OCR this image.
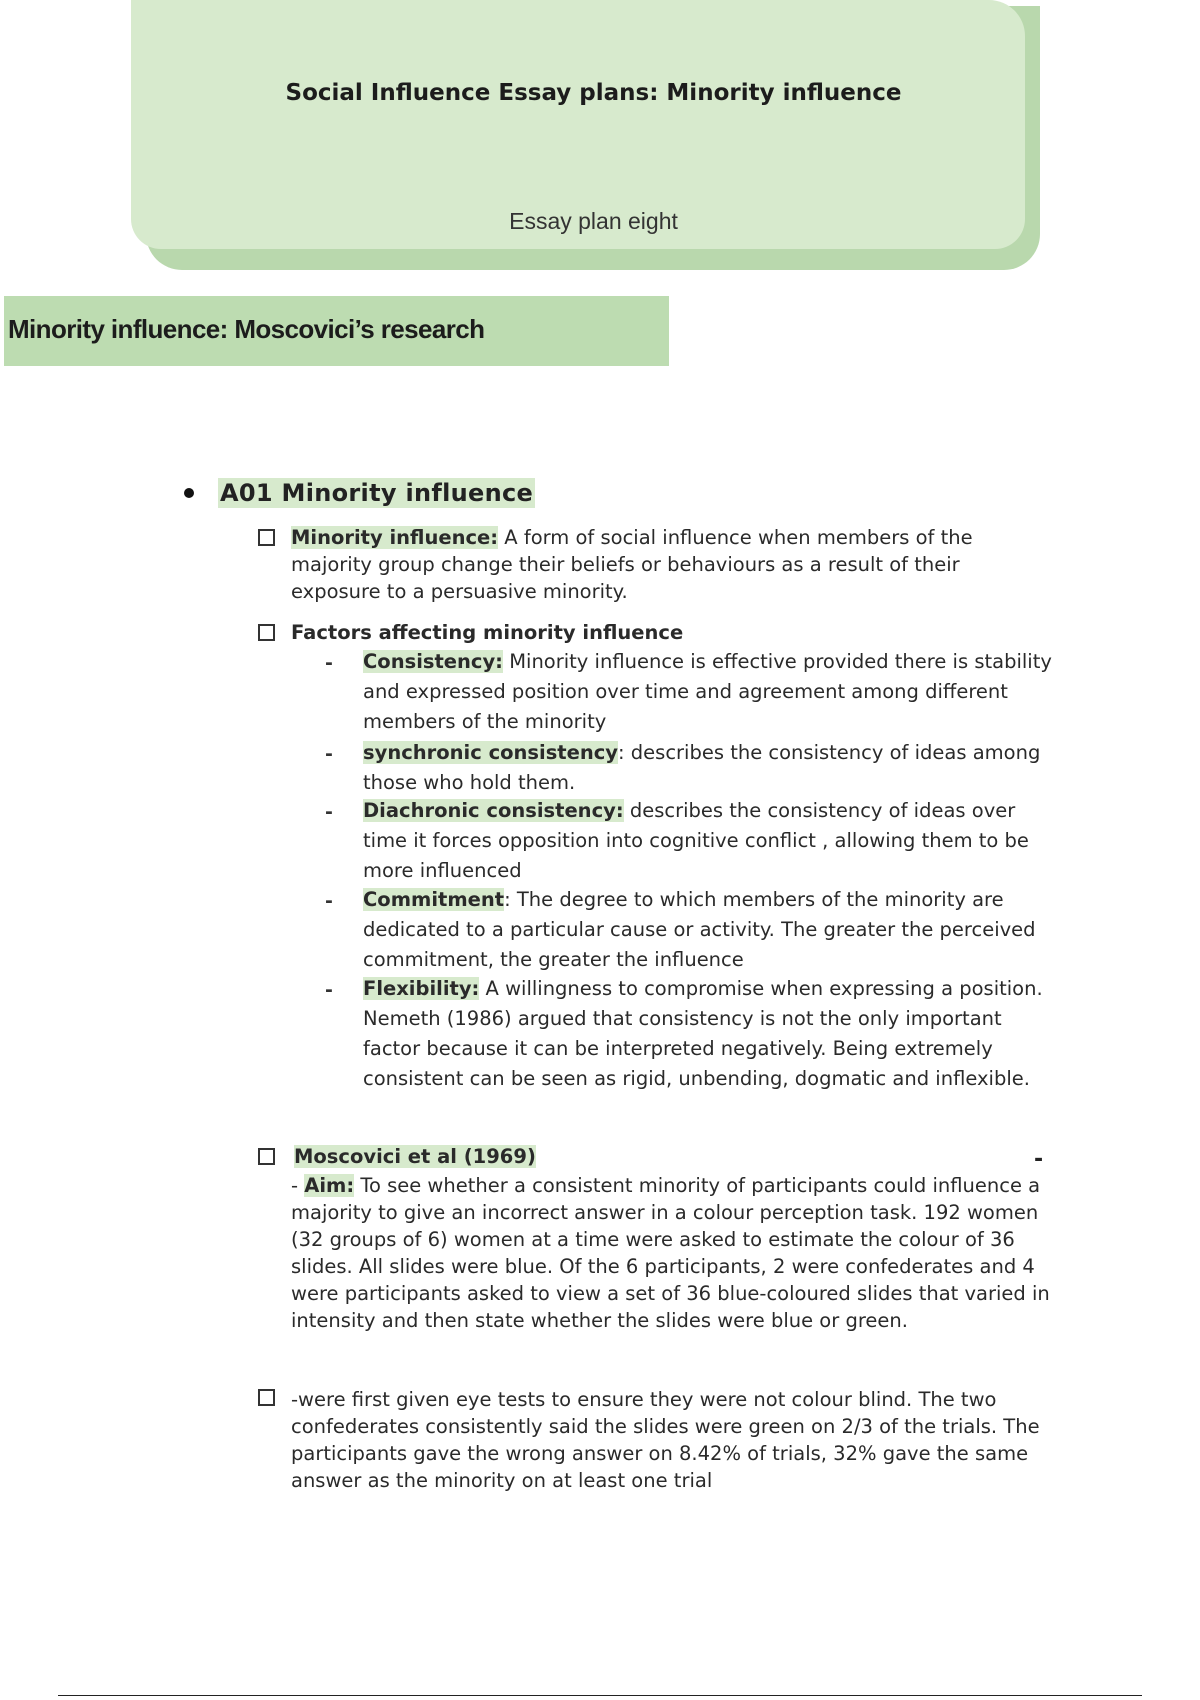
Social Influence Essay plans: Minority influence
Essay plan eight
Minority influence: Moscovici’s research
A01 Minority influence
Minority influence: A form of social influence when members of the majority group change their beliefs or behaviours as a result of their exposure to a persuasive minority.
Factors affecting minority influence
- Consistency: Minority influence is effective provided there is stability and expressed position over time and agreement among different members of the minority
- synchronic consistency: describes the consistency of ideas among those who hold them.
- Diachronic consistency: describes the consistency of ideas over time it forces opposition into cognitive conflict , allowing them to be more influenced
- Commitment: The degree to which members of the minority are dedicated to a particular cause or activity. The greater the perceived commitment, the greater the influence
- Flexibility: A willingness to compromise when expressing a position. Nemeth (1986) argued that consistency is not the only important factor because it can be interpreted negatively. Being extremely consistent can be seen as rigid, unbending, dogmatic and inflexible.
Moscovici et al (1969)	-
- Aim: To see whether a consistent minority of participants could influence a majority to give an incorrect answer in a colour perception task. 192 women (32 groups of 6) women at a time were asked to estimate the colour of 36 slides. All slides were blue. Of the 6 participants, 2 were confederates and 4 were participants asked to view a set of 36 blue-coloured slides that varied in intensity and then state whether the slides were blue or green.
-were first given eye tests to ensure they were not colour blind. The two confederates consistently said the slides were green on 2/3 of the trials. The participants gave the wrong answer on 8.42% of trials, 32% gave the same answer as the minority on at least one trial
